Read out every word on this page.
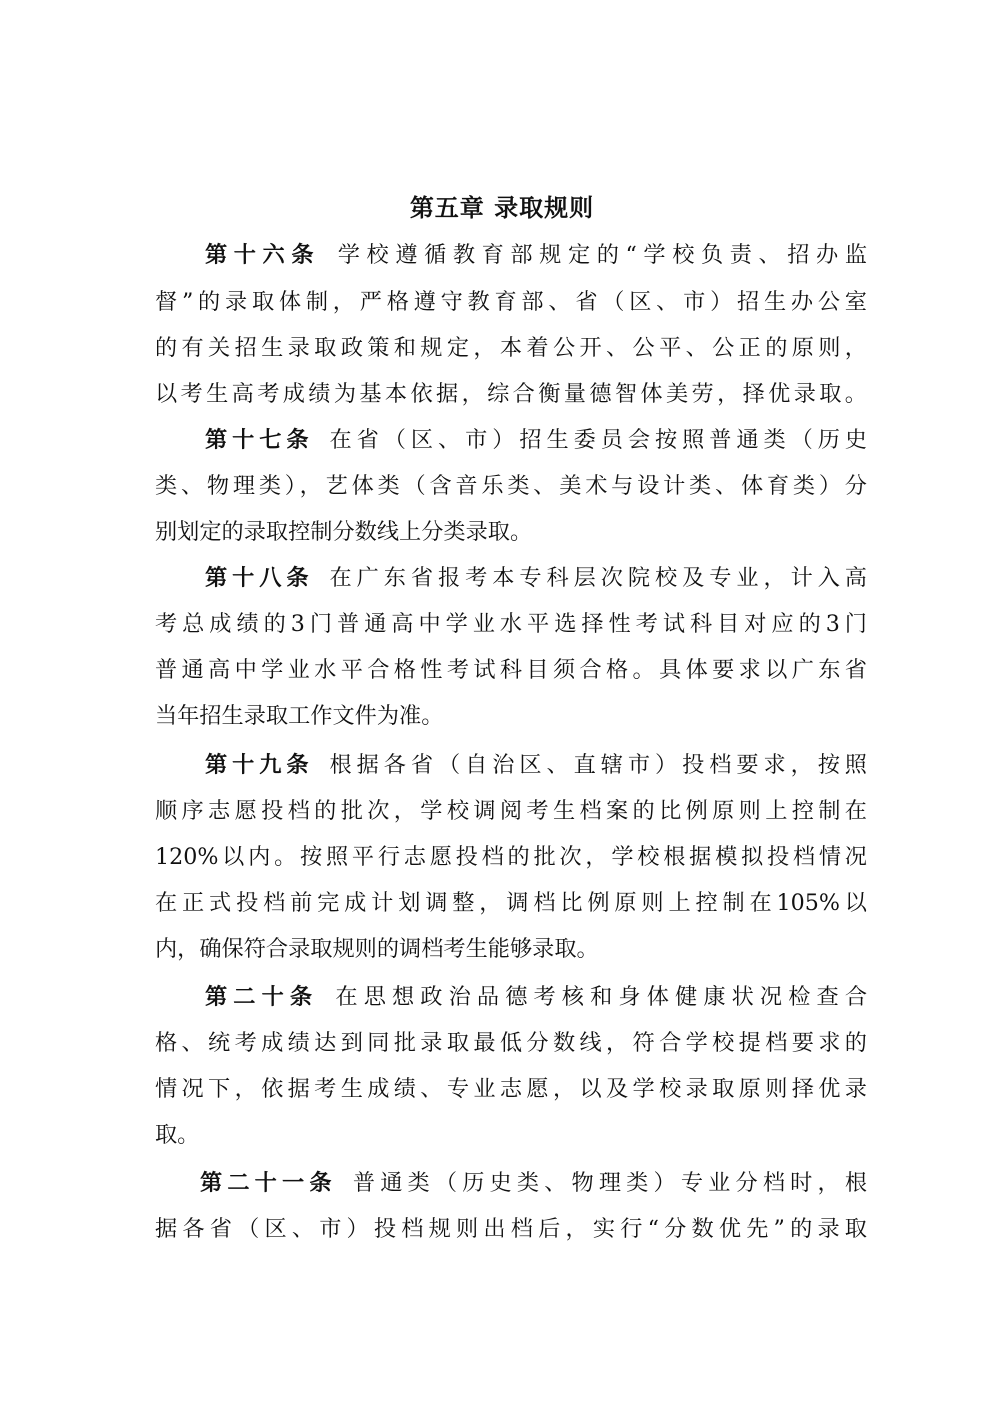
第五章 录取规则
第十六条  学校遵循教育部规定的“学校负责、招办监
督”的录取体制，严格遵守教育部、省（区、市）招生办公室
的有关招生录取政策和规定，本着公开、公平、公正的原则，
以考生高考成绩为基本依据，综合衡量德智体美劳，择优录取。
第十七条  在省（区、市）招生委员会按照普通类（历史
类、物理类），艺体类（含音乐类、美术与设计类、体育类）分
别划定的录取控制分数线上分类录取。
第十八条  在广东省报考本专科层次院校及专业，计入高
考总成绩的3门普通高中学业水平选择性考试科目对应的3门
普通高中学业水平合格性考试科目须合格。具体要求以广东省
当年招生录取工作文件为准。
第十九条  根据各省（自治区、直辖市）投档要求，按照
顺序志愿投档的批次，学校调阅考生档案的比例原则上控制在
120%以内。按照平行志愿投档的批次，学校根据模拟投档情况
在正式投档前完成计划调整，调档比例原则上控制在105%以
内，确保符合录取规则的调档考生能够录取。
第二十条  在思想政治品德考核和身体健康状况检查合
格、统考成绩达到同批录取最低分数线，符合学校提档要求的
情况下，依据考生成绩、专业志愿，以及学校录取原则择优录
取。
第二十一条  普通类（历史类、物理类）专业分档时，根
据各省（区、市）投档规则出档后，实行“分数优先”的录取
